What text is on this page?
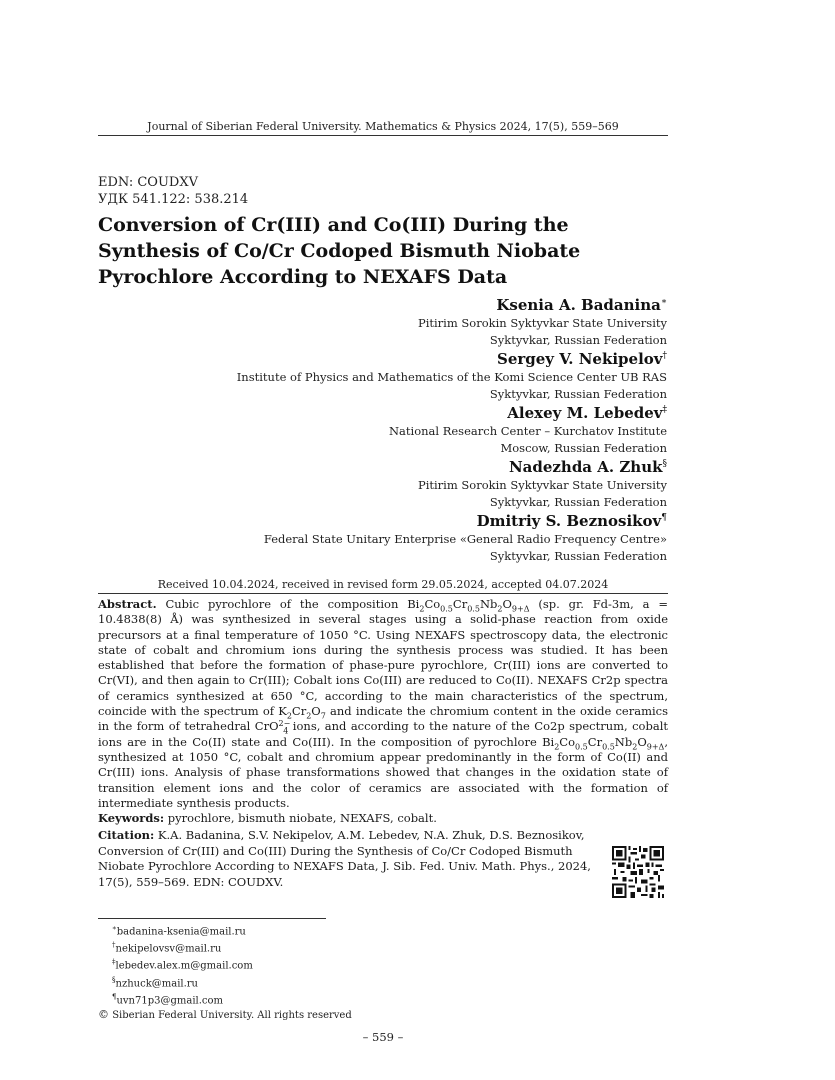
Journal of Siberian Federal University. Mathematics & Physics 2024, 17(5), 559–569
EDN: COUDXV
УДК 541.122: 538.214
Conversion of Cr(III) and Co(III) During the Synthesis of Co/Cr Codoped Bismuth Niobate Pyrochlore According to NEXAFS Data
Ksenia A. Badanina∗
Pitirim Sorokin Syktyvkar State University
Syktyvkar, Russian Federation
Sergey V. Nekipelov†
Institute of Physics and Mathematics of the Komi Science Center UB RAS
Syktyvkar, Russian Federation
Alexey M. Lebedev‡
National Research Center – Kurchatov Institute
Moscow, Russian Federation
Nadezhda A. Zhuk§
Pitirim Sorokin Syktyvkar State University
Syktyvkar, Russian Federation
Dmitriy S. Beznosikov¶
Federal State Unitary Enterprise «General Radio Frequency Centre»
Syktyvkar, Russian Federation
Received 10.04.2024, received in revised form 29.05.2024, accepted 04.07.2024
Abstract. Cubic pyrochlore of the composition $Bi_2Co_{0.5}Cr_{0.5}Nb_2O_{9+\Delta}$ (sp. gr. Fd-3m, a = 10.4838(8) Å) was synthesized in several stages using a solid-phase reaction from oxide precursors at a final temperature of 1050 °C. Using NEXAFS spectroscopy data, the electronic state of cobalt and chromium ions during the synthesis process was studied. It has been established that before the formation of phase-pure pyrochlore, Cr(III) ions are converted to Cr(VI), and then again to Cr(III); Cobalt ions Co(III) are reduced to Co(II). NEXAFS Cr2p spectra of ceramics synthesized at 650 °C, according to the main characteristics of the spectrum, coincide with the spectrum of $K_2Cr_2O_7$ and indicate the chromium content in the oxide ceramics in the form of tetrahedral CrO$^{2-}_4$ ions, and according to the nature of the Co2p spectrum, cobalt ions are in the Co(II) state and Co(III). In the composition of pyrochlore $Bi_2Co_{0.5}Cr_{0.5}Nb_2O_{9+\Delta}$, synthesized at 1050 °C, cobalt and chromium appear predominantly in the form of Co(II) and Cr(III) ions. Analysis of phase transformations showed that changes in the oxidation state of transition element ions and the color of ceramics are associated with the formation of intermediate synthesis products.
Keywords: pyrochlore, bismuth niobate, NEXAFS, cobalt.
Citation: K.A. Badanina, S.V. Nekipelov, A.M. Lebedev, N.A. Zhuk, D.S. Beznosikov, Conversion of Cr(III) and Co(III) During the Synthesis of Co/Cr Codoped Bismuth Niobate Pyrochlore According to NEXAFS Data, J. Sib. Fed. Univ. Math. Phys., 2024, 17(5), 559–569. EDN: COUDXV.
∗badanina-ksenia@mail.ru
†nekipelovsv@mail.ru
‡lebedev.alex.m@gmail.com
§nzhuck@mail.ru
¶uvn71p3@gmail.com
© Siberian Federal University. All rights reserved
– 559 –
